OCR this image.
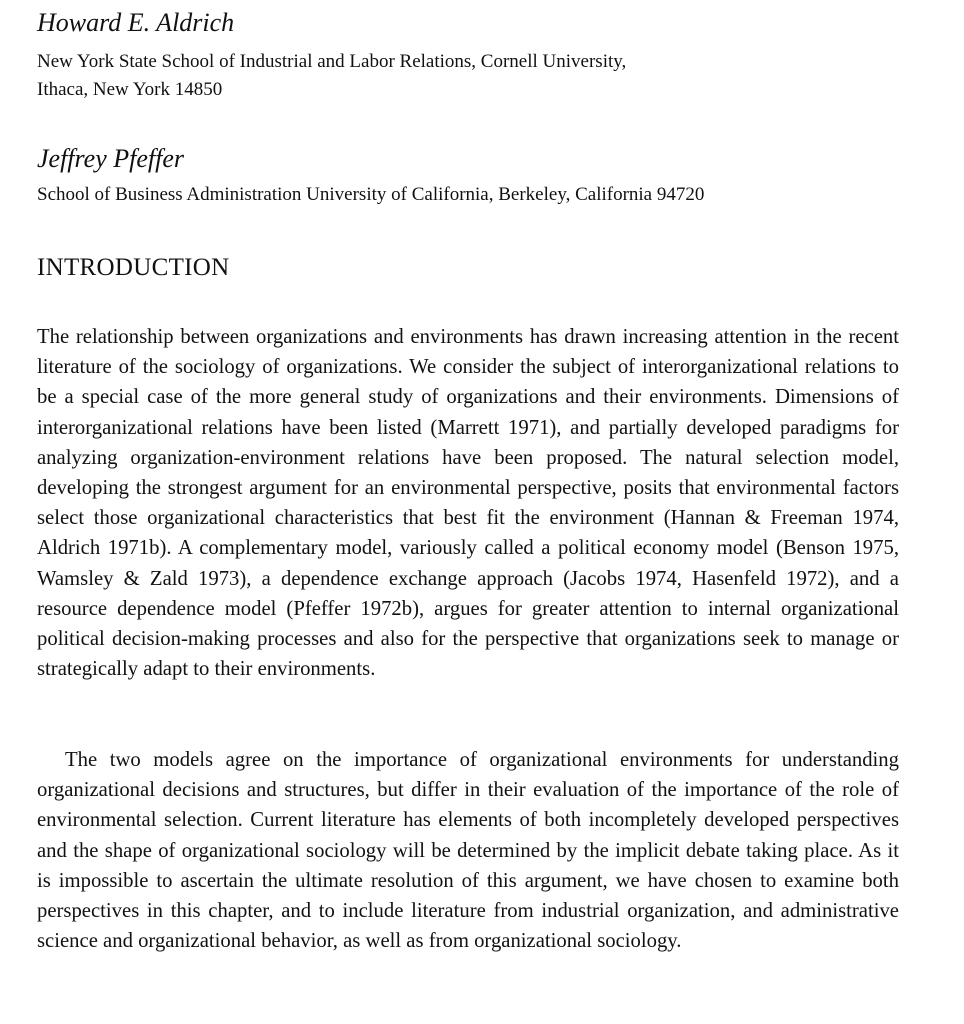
Howard E. Aldrich

New York State School of Industrial and Labor Relations, Cornell University,

Ithaca, New York 14850

Jeffrey Pfeffer

School of Business Administration University of California, Berkeley, California 94720

INTRODUCTION

The relationship between organizations and environments has drawn increasing attention in the recent literature of the sociology of organizations. We consider the subject of interorganizational relations to be a special case of the more general study of organizations and their environments. Dimensions of interorganizational relations have been listed (Marrett 1971), and partially developed paradigms for analyzing organization-environment relations have been proposed. The natural selection model, developing the strongest argument for an environmental perspective, posits that environmental factors select those organizational characteristics that best fit the environment (Hannan & Freeman 1974, Aldrich 1971b). A complementary model, variously called a political economy model (Benson 1975, Wamsley & Zald 1973), a dependence exchange approach (Jacobs 1974, Hasenfeld 1972), and a resource dependence model (Pfeffer 1972b), argues for greater attention to internal organizational political decision-making processes and also for the perspective that organizations seek to manage or strategically adapt to their environments.

The two models agree on the importance of organizational environments for understanding organizational decisions and structures, but differ in their evaluation of the importance of the role of environmental selection. Current literature has elements of both incompletely developed perspectives and the shape of organizational sociology will be determined by the implicit debate taking place. As it is impossible to ascertain the ultimate resolution of this argument, we have chosen to examine both perspectives in this chapter, and to include literature from industrial organization, and administrative science and organizational behavior, as well as from organizational sociology.
